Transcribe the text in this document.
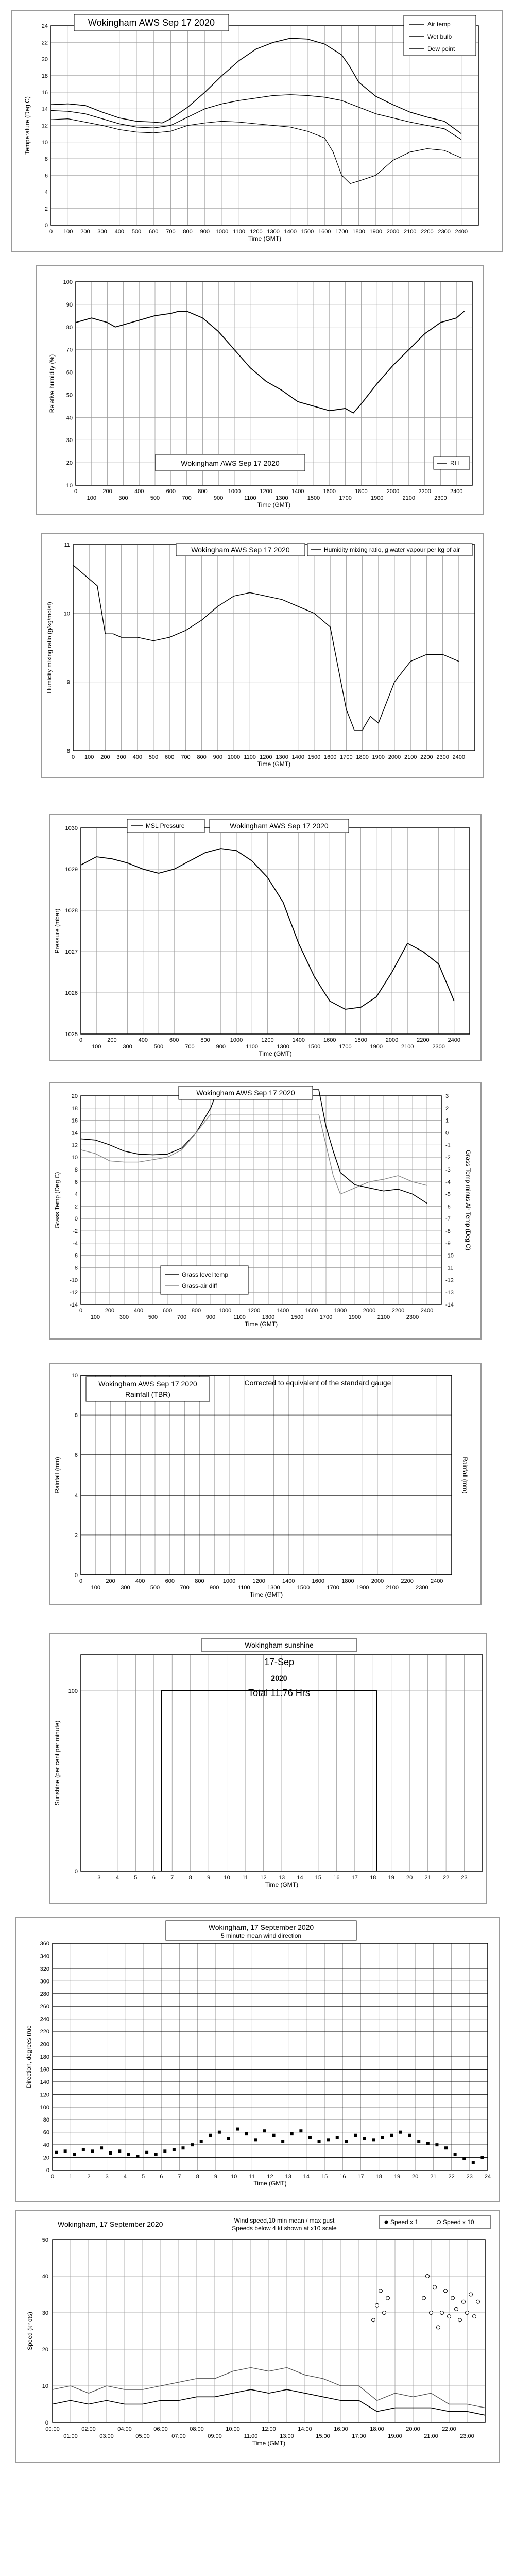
0
2
4
6
8
10
12
14
16
18
20
22
24
0 100 200 300 400 500 600 700 800 900 1000 1100 1200 1300 1400 1500 1600 1700 1800 1900 2000 2100 2200 2300 2400
Time (GMT)
Temperature (Deg C)
Wokingham AWS Sep 17 2020	Air temp
Wet bulb
Dew point
10
20
30
40
50
60
70
80
90
100
0	200	400	600	800	1000	1200	1400	1600	1800	2000	2200	2400
100	300	500	700	900	1100	1300	1500	1700	1900	2100	2300
Time (GMT)
Relative humidity (%)
Wokingham AWS Sep 17 2020	RH
8
9
10
11
0 100 200 300 400 500 600 700 800 900 1000 1100 1200 1300 1400 1500 1600 1700 1800 1900 2000 2100 2200 2300 2400
Time (GMT)
Humidity mixing ratio (g/kg/moist)
Wokingham AWS Sep 17 2020	Humidity mixing ratio, g water vapour per kg of air
1025
1026
1027
1028
1029
1030
0	200	400	600	800	1000	1200	1400	1600	1800	2000	2200	2400
100	300	500	700	900	1100	1300	1500	1700	1900	2100	2300
Time (GMT)
Pressure (mbar)
MSL Pressure	Wokingham AWS Sep 17 2020
20
18
16
14
12
10
8
6
4
2
0
-2
-4
-6
-8
-10
-12
-14
0	200	400	600	800	1000	1200	1400	1600	1800	2000	2200	2400
100	300	500	700	900	1100	1300	1500	1700	1900	2100	2300
Time (GMT)
Grass Temp (Deg C)
3
2
1
0
-1
-2
-3
-4
-5
-6
-7
-8
-9
-10
-11
-12
-13
-14
Grass Temp minus Air Temp (Deg C)
Wokingham AWS Sep 17 2020
Grass level temp
Grass-air diff
0
2
4
6
8
10
0	200	400	600	800	1000	1200	1400	1600	1800	2000	2200	2400
100	300	500	700	900	1100	1300	1500	1700	1900	2100	2300
Time (GMT)
Rainfall (mm)	Rainfall (mm)
Wokingham AWS Sep 17 2020
Rainfall (TBR)
Corrected to equivalent of the standard gauge
0
100
3	4	5	6	7	8	9 10 11 12 13 14 15 16 17 18 19 20 21 22 23
Time (GMT)
Sunshine (per cent per minute)
Wokingham sunshine
17-Sep
2020
Total 11.76 Hrs
0
20
40
60
80
100
120
140
160
180
200
220
240
260
280
300
320
340
360
0	1	2	3	4	5	6	7	8	9 10 11 12 13 14 15 16 17 18 19 20 21 22 23 24
Time (GMT)
Direction, degrees true
Wokingham, 17 September 2020
5 minute mean wind direction
0
10
20
30
40
50
00:00	02:00	04:00	06:00	08:00	10:00	12:00	14:00	16:00	18:00	20:00	22:00
01:00	03:00	05:00	07:00	09:00	11:00	13:00	15:00	17:00	19:00	21:00	23:00
Time (GMT)
Speed (knots)
Wokingham, 17 September 2020	Wind speed,10 min mean / max gust
Speeds below 4 kt shown at x10 scale
Speed x 1	Speed x 10
